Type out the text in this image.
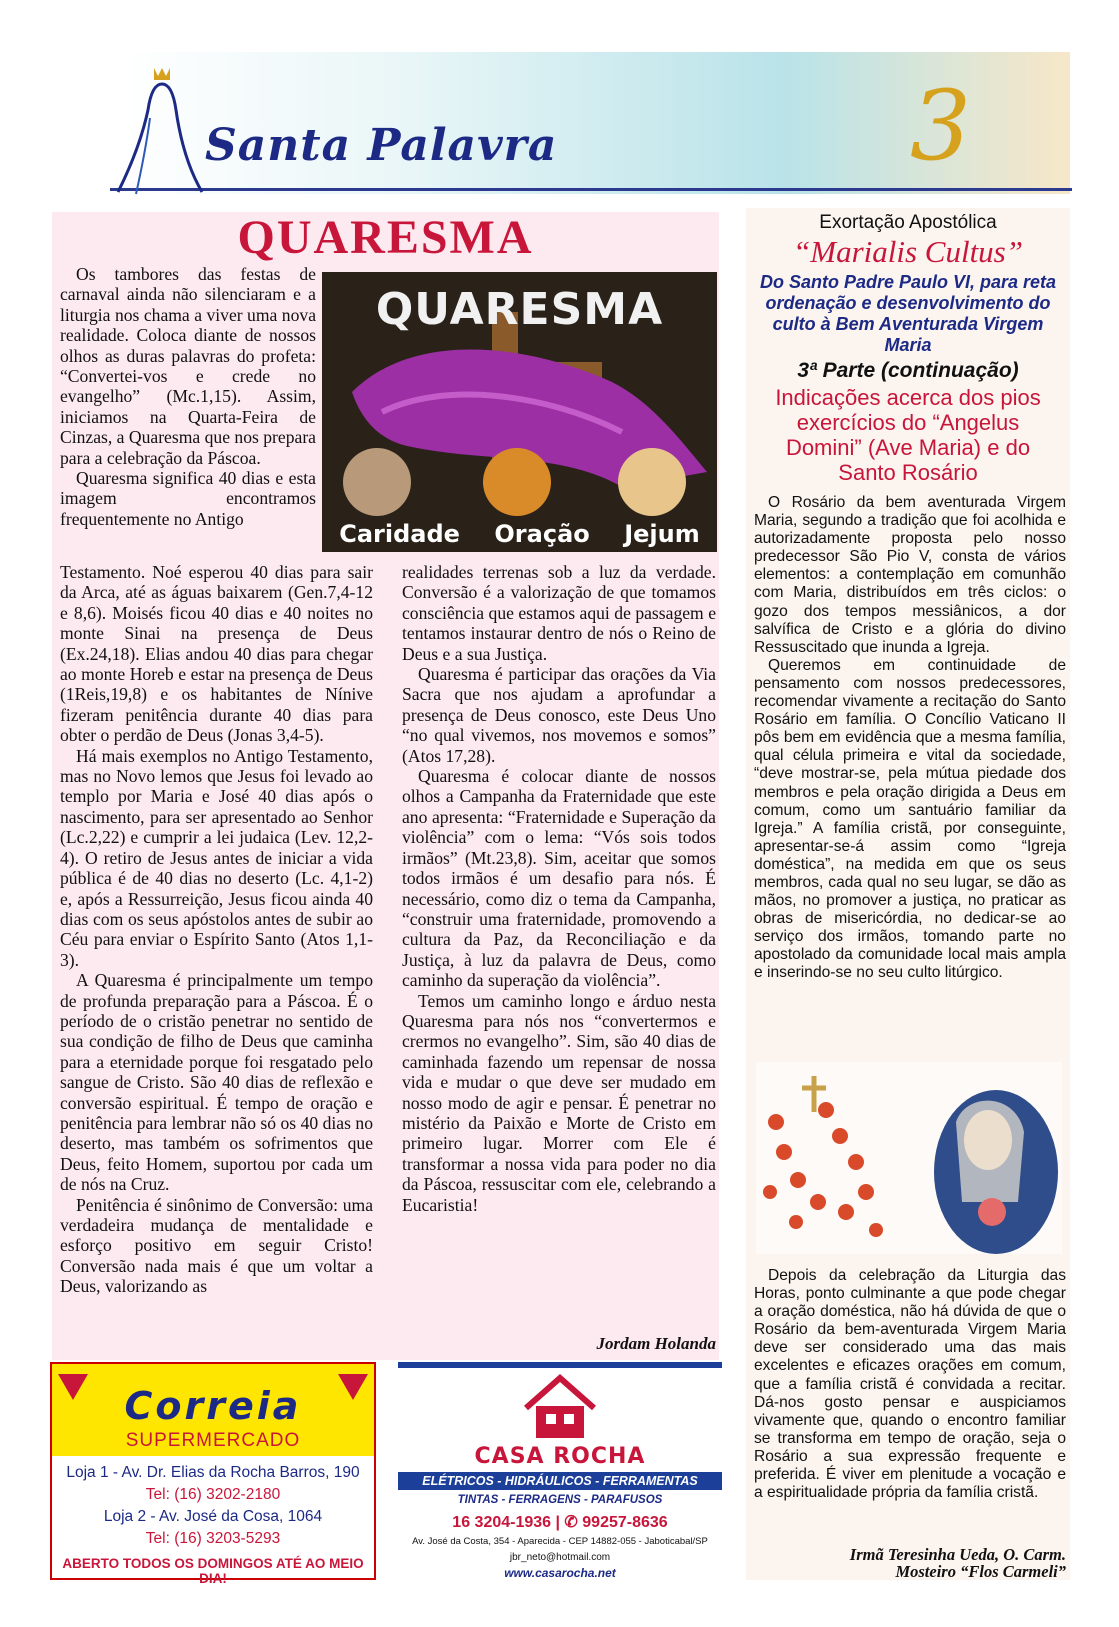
Santa Palavra	3
QUARESMA

Os tambores das festas de carnaval ainda não silenciaram e a liturgia nos chama a viver uma nova realidade. Coloca diante de nossos olhos as duras palavras do profeta: “Convertei-vos e crede no evangelho” (Mc.1,15). Assim, iniciamos na Quarta-Feira de Cinzas, a Quaresma que nos prepara para a celebração da Páscoa.

Quaresma significa 40 dias e esta imagem encontramos frequentemente no Antigo

QUARESMA
Caridade Oração Jejum

Testamento. Noé esperou 40 dias para sair da Arca, até as águas baixarem (Gen.7,4-12 e 8,6). Moisés ficou 40 dias e 40 noites no monte Sinai na presença de Deus (Ex.24,18). Elias andou 40 dias para chegar ao monte Horeb e estar na presença de Deus (1Reis,19,8) e os habitantes de Nínive fizeram penitência durante 40 dias para obter o perdão de Deus (Jonas 3,4-5).

Há mais exemplos no Antigo Testamento, mas no Novo lemos que Jesus foi levado ao templo por Maria e José 40 dias após o nascimento, para ser apresentado ao Senhor (Lc.2,22) e cumprir a lei judaica (Lev. 12,2-4). O retiro de Jesus antes de iniciar a vida pública é de 40 dias no deserto (Lc. 4,1-2) e, após a Ressurreição, Jesus ficou ainda 40 dias com os seus apóstolos antes de subir ao Céu para enviar o Espírito Santo (Atos 1,1-3).

A Quaresma é principalmente um tempo de profunda preparação para a Páscoa. É o período de o cristão penetrar no sentido de sua condição de filho de Deus que caminha para a eternidade porque foi resgatado pelo sangue de Cristo. São 40 dias de reflexão e conversão espiritual. É tempo de oração e penitência para lembrar não só os 40 dias no deserto, mas também os sofrimentos que Deus, feito Homem, suportou por cada um de nós na Cruz.

Penitência é sinônimo de Conversão: uma verdadeira mudança de mentalidade e esforço positivo em seguir Cristo! Conversão nada mais é que um voltar a Deus, valorizando as

realidades terrenas sob a luz da verdade. Conversão é a valorização de que tomamos consciência que estamos aqui de passagem e tentamos instaurar dentro de nós o Reino de Deus e a sua Justiça.

Quaresma é participar das orações da Via Sacra que nos ajudam a aprofundar a presença de Deus conosco, este Deus Uno “no qual vivemos, nos movemos e somos” (Atos 17,28).

Quaresma é colocar diante de nossos olhos a Campanha da Fraternidade que este ano apresenta: “Fraternidade e Superação da violência” com o lema: “Vós sois todos irmãos” (Mt.23,8). Sim, aceitar que somos todos irmãos é um desafio para nós. É necessário, como diz o tema da Campanha, “construir uma fraternidade, promovendo a cultura da Paz, da Reconciliação e da Justiça, à luz da palavra de Deus, como caminho da superação da violência”.

Temos um caminho longo e árduo nesta Quaresma para nós nos “convertermos e crermos no evangelho”. Sim, são 40 dias de caminhada fazendo um repensar de nossa vida e mudar o que deve ser mudado em nosso modo de agir e pensar. É penetrar no mistério da Paixão e Morte de Cristo em primeiro lugar. Morrer com Ele é transformar a nossa vida para poder no dia da Páscoa, ressuscitar com ele, celebrando a Eucaristia!

Jordam Holanda
Exortação Apostólica
“Marialis Cultus”
Do Santo Padre Paulo VI, para reta ordenação e desenvolvimento do culto à Bem Aventurada Virgem Maria
3ª Parte (continuação)
Indicações acerca dos pios exercícios do “Angelus Domini” (Ave Maria) e do Santo Rosário

O Rosário da bem aventurada Virgem Maria, segundo a tradição que foi acolhida e autorizadamente proposta pelo nosso predecessor São Pio V, consta de vários elementos: a contemplação em comunhão com Maria, distribuídos em três ciclos: o gozo dos tempos messiânicos, a dor salvífica de Cristo e a glória do divino Ressuscitado que inunda a Igreja.

Queremos em continuidade de pensamento com nossos predecessores, recomendar vivamente a recitação do Santo Rosário em família. O Concílio Vaticano II pôs bem em evidência que a mesma família, qual célula primeira e vital da sociedade, “deve mostrar-se, pela mútua piedade dos membros e pela oração dirigida a Deus em comum, como um santuário familiar da Igreja.” A família cristã, por conseguinte, apresentar-se-á assim como “Igreja doméstica”, na medida em que os seus membros, cada qual no seu lugar, se dão as mãos, no promover a justiça, no praticar as obras de misericórdia, no dedicar-se ao serviço dos irmãos, tomando parte no apostolado da comunidade local mais ampla e inserindo-se no seu culto litúrgico.

Depois da celebração da Liturgia das Horas, ponto culminante a que pode chegar a oração doméstica, não há dúvida de que o Rosário da bem-aventurada Virgem Maria deve ser considerado uma das mais excelentes e eficazes orações em comum, que a família cristã é convidada a recitar. Dá-nos gosto pensar e auspiciamos vivamente que, quando o encontro familiar se transforma em tempo de oração, seja o Rosário a sua expressão frequente e preferida. É viver em plenitude a vocação e a espiritualidade própria da família cristã.

Irmã Teresinha Ueda, O. Carm.
Mosteiro “Flos Carmeli”
Correia
SUPERMERCADO
Loja 1 - Av. Dr. Elias da Rocha Barros, 190
Tel: (16) 3202-2180
Loja 2 - Av. José da Cosa, 1064
Tel: (16) 3203-5293
ABERTO TODOS OS DOMINGOS ATÉ AO MEIO DIA!
CASA ROCHA
ELÉTRICOS - HIDRÁULICOS - FERRAMENTAS
TINTAS - FERRAGENS - PARAFUSOS
16 3204-1936 | ✆ 99257-8636
Av. José da Costa, 354 - Aparecida - CEP 14882-055 - Jaboticabal/SP
jbr_neto@hotmail.com
www.casarocha.net
